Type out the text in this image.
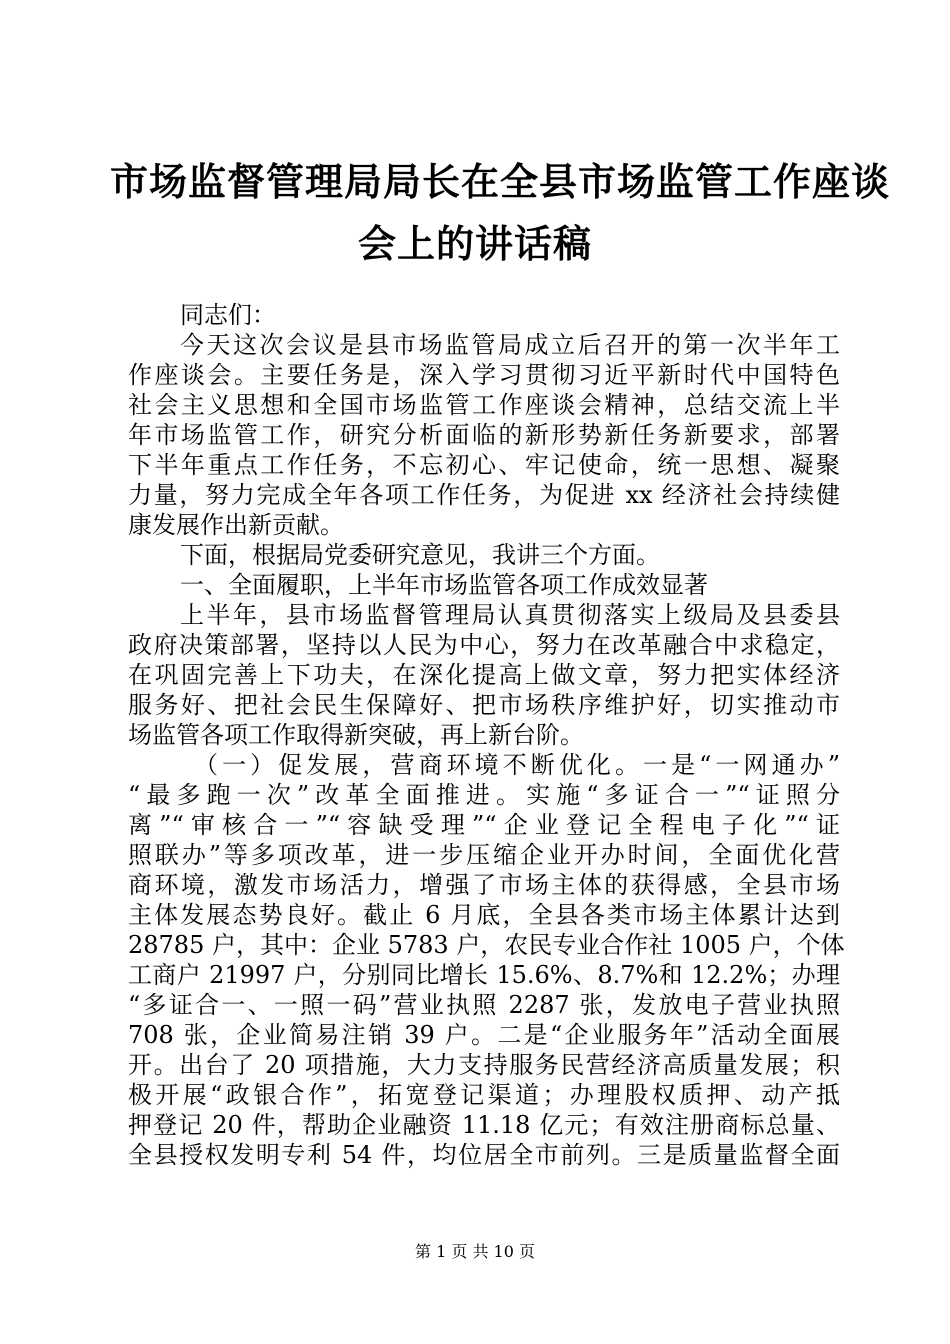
市场监督管理局局长在全县市场监管工作座谈
会上的讲话稿
同志们：
今天这次会议是县市场监管局成立后召开的第一次半年工
作座谈会。主要任务是，深入学习贯彻习近平新时代中国特色
社会主义思想和全国市场监管工作座谈会精神，总结交流上半
年市场监管工作，研究分析面临的新形势新任务新要求，部署
下半年重点工作任务，不忘初心、牢记使命，统一思想、凝聚
力量，努力完成全年各项工作任务，为促进 xx 经济社会持续健
康发展作出新贡献。
下面，根据局党委研究意见，我讲三个方面。
一、全面履职，上半年市场监管各项工作成效显著
上半年，县市场监督管理局认真贯彻落实上级局及县委县
政府决策部署，坚持以人民为中心，努力在改革融合中求稳定，
在巩固完善上下功夫，在深化提高上做文章，努力把实体经济
服务好、把社会民生保障好、把市场秩序维护好，切实推动市
场监管各项工作取得新突破，再上新台阶。
（一）促发展，营商环境不断优化。一是“一网通办”
“最多跑一次”改革全面推进。实施“多证合一”“证照分
离”“审核合一”“容缺受理”“企业登记全程电子化”“证
照联办”等多项改革，进一步压缩企业开办时间，全面优化营
商环境，激发市场活力，增强了市场主体的获得感，全县市场
主体发展态势良好。截止 6 月底，全县各类市场主体累计达到
28785 户，其中：企业 5783 户，农民专业合作社 1005 户，个体
工商户 21997 户，分别同比增长 15.6%、8.7%和 12.2%；办理
“多证合一、一照一码”营业执照 2287 张，发放电子营业执照
708 张，企业简易注销 39 户。二是“企业服务年”活动全面展
开。出台了 20 项措施，大力支持服务民营经济高质量发展；积
极开展“政银合作”，拓宽登记渠道；办理股权质押、动产抵
押登记 20 件，帮助企业融资 11.18 亿元；有效注册商标总量、
全县授权发明专利 54 件，均位居全市前列。三是质量监督全面
第 1 页 共 10 页
